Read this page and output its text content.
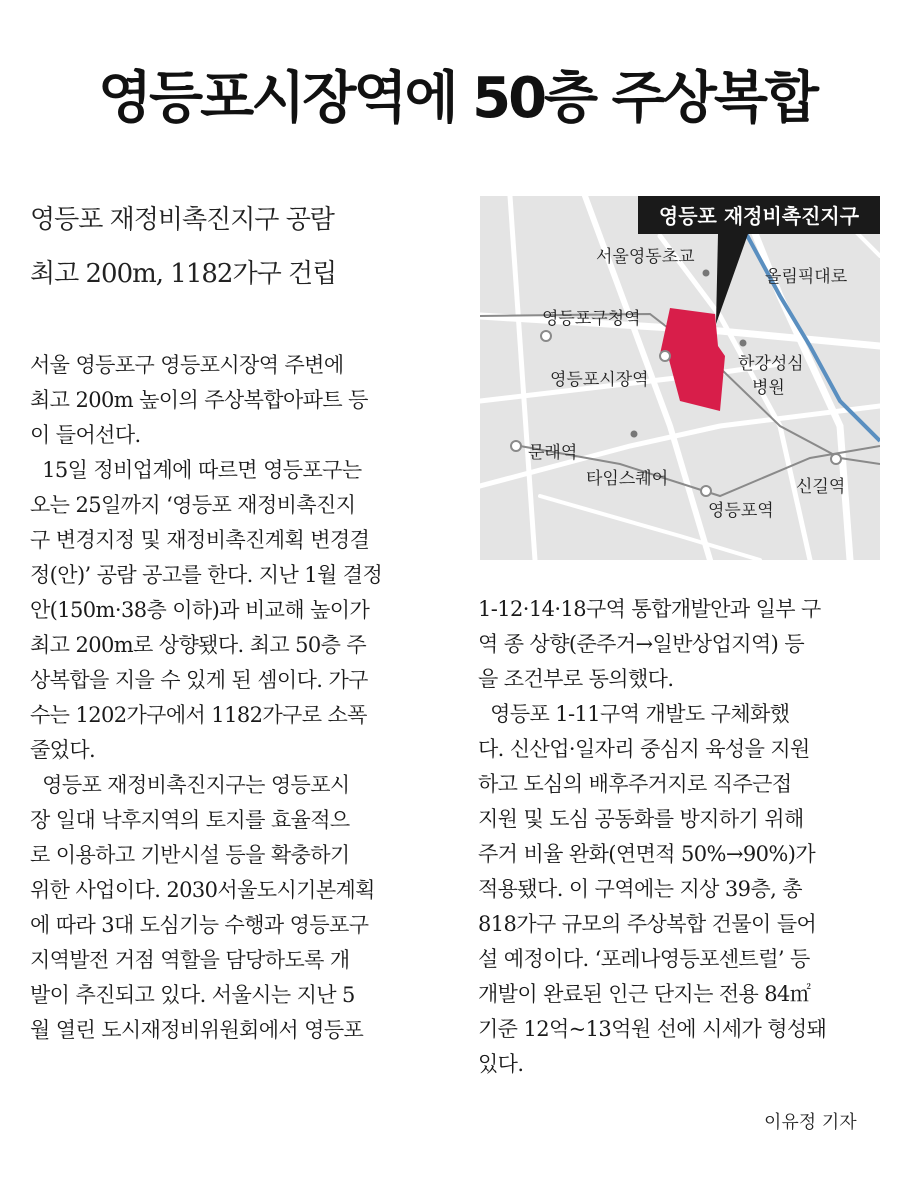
영등포시장역에 50층 주상복합
영등포 재정비촉진지구 공람
최고 200m, 1182가구 건립
서울 영등포구 영등포시장역 주변에
최고 200m 높이의 주상복합아파트 등
이 들어선다.
15일 정비업계에 따르면 영등포구는
오는 25일까지 ‘영등포 재정비촉진지
구 변경지정 및 재정비촉진계획 변경결
정(안)’ 공람 공고를 한다. 지난 1월 결정
안(150m·38층 이하)과 비교해 높이가
최고 200m로 상향됐다. 최고 50층 주
상복합을 지을 수 있게 된 셈이다. 가구
수는 1202가구에서 1182가구로 소폭
줄었다.
영등포 재정비촉진지구는 영등포시
장 일대 낙후지역의 토지를 효율적으
로 이용하고 기반시설 등을 확충하기
위한 사업이다. 2030서울도시기본계획
에 따라 3대 도심기능 수행과 영등포구
지역발전 거점 역할을 담당하도록 개
발이 추진되고 있다. 서울시는 지난 5
월 열린 도시재정비위원회에서 영등포
영등포 재정비촉진지구
서울영동초교
올림픽대로
영등포구청역
영등포시장역
한강성심
병원
문래역
타임스퀘어	신길역
영등포역
1-12·14·18구역 통합개발안과 일부 구
역 종 상향(준주거→일반상업지역) 등
을 조건부로 동의했다.
영등포 1-11구역 개발도 구체화했
다. 신산업·일자리 중심지 육성을 지원
하고 도심의 배후주거지로 직주근접
지원 및 도심 공동화를 방지하기 위해
주거 비율 완화(연면적 50%→90%)가
적용됐다. 이 구역에는 지상 39층, 총
818가구 규모의 주상복합 건물이 들어
설 예정이다. ‘포레나영등포센트럴’ 등
개발이 완료된 인근 단지는 전용 84㎡
기준 12억~13억원 선에 시세가 형성돼
있다.
이유정 기자
